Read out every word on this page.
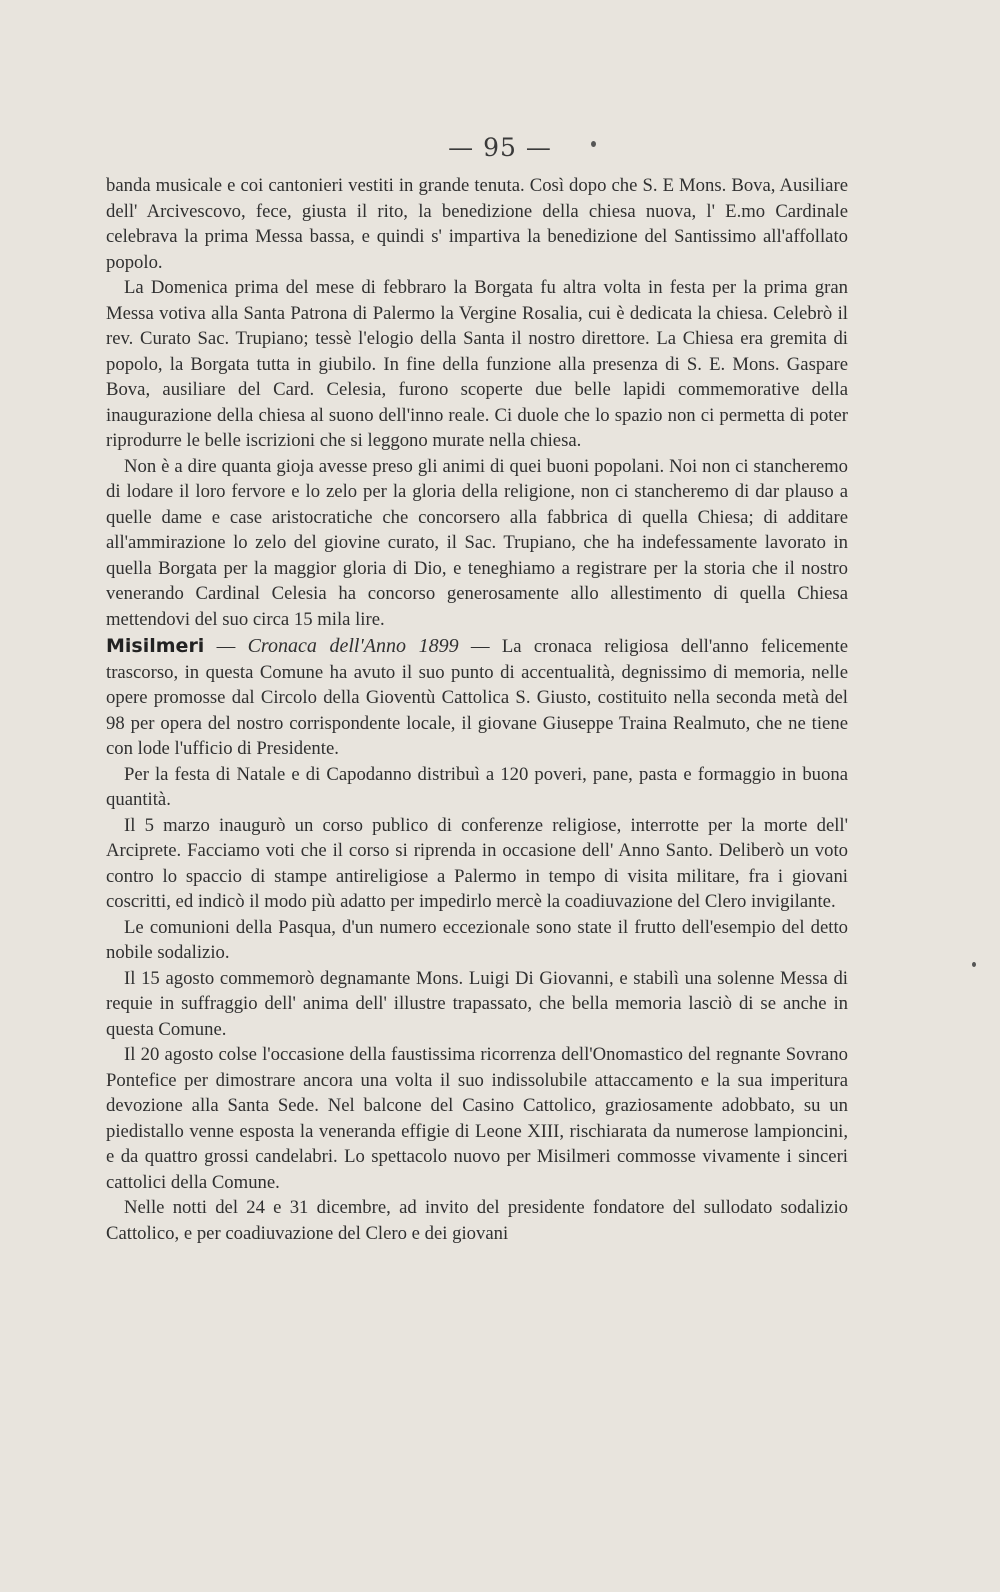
— 95 —

banda musicale e coi cantonieri vestiti in grande tenuta. Così dopo che S. E Mons. Bova, Ausiliare dell' Arcivescovo, fece, giusta il rito, la benedizione della chiesa nuova, l' E.mo Cardinale celebrava la prima Messa bassa, e quindi s' impartiva la benedizione del Santissimo all'affollato popolo.

La Domenica prima del mese di febbraro la Borgata fu altra volta in festa per la prima gran Messa votiva alla Santa Patrona di Palermo la Vergine Rosalia, cui è dedicata la chiesa. Celebrò il rev. Curato Sac. Trupiano; tessè l'elogio della Santa il nostro direttore. La Chiesa era gremita di popolo, la Borgata tutta in giubilo. In fine della funzione alla presenza di S. E. Mons. Gaspare Bova, ausiliare del Card. Celesia, furono scoperte due belle lapidi commemorative della inaugurazione della chiesa al suono dell'inno reale. Ci duole che lo spazio non ci permetta di poter riprodurre le belle iscrizioni che si leggono murate nella chiesa.

Non è a dire quanta gioja avesse preso gli animi di quei buoni popolani. Noi non ci stancheremo di lodare il loro fervore e lo zelo per la gloria della religione, non ci stancheremo di dar plauso a quelle dame e case aristocratiche che concorsero alla fabbrica di quella Chiesa; di additare all'ammirazione lo zelo del giovine curato, il Sac. Trupiano, che ha indefessamente lavorato in quella Borgata per la maggior gloria di Dio, e teneghiamo a registrare per la storia che il nostro venerando Cardinal Celesia ha concorso generosamente allo allestimento di quella Chiesa mettendovi del suo circa 15 mila lire.

Misilmeri — Cronaca dell'Anno 1899 — La cronaca religiosa dell'anno felicemente trascorso, in questa Comune ha avuto il suo punto di accentualità, degnissimo di memoria, nelle opere promosse dal Circolo della Gioventù Cattolica S. Giusto, costituito nella seconda metà del 98 per opera del nostro corrispondente locale, il giovane Giuseppe Traina Realmuto, che ne tiene con lode l'ufficio di Presidente.

Per la festa di Natale e di Capodanno distribuì a 120 poveri, pane, pasta e formaggio in buona quantità.

Il 5 marzo inaugurò un corso publico di conferenze religiose, interrotte per la morte dell' Arciprete. Facciamo voti che il corso si riprenda in occasione dell' Anno Santo. Deliberò un voto contro lo spaccio di stampe antireligiose a Palermo in tempo di visita militare, fra i giovani coscritti, ed indicò il modo più adatto per impedirlo mercè la coadiuvazione del Clero invigilante.

Le comunioni della Pasqua, d'un numero eccezionale sono state il frutto dell'esempio del detto nobile sodalizio.

Il 15 agosto commemorò degnamante Mons. Luigi Di Giovanni, e stabilì una solenne Messa di requie in suffraggio dell' anima dell' illustre trapassato, che bella memoria lasciò di se anche in questa Comune.

Il 20 agosto colse l'occasione della faustissima ricorrenza dell'Onomastico del regnante Sovrano Pontefice per dimostrare ancora una volta il suo indissolubile attaccamento e la sua imperitura devozione alla Santa Sede. Nel balcone del Casino Cattolico, graziosamente adobbato, su un piedistallo venne esposta la veneranda effigie di Leone XIII, rischiarata da numerose lampioncini, e da quattro grossi candelabri. Lo spettacolo nuovo per Misilmeri commosse vivamente i sinceri cattolici della Comune.

Nelle notti del 24 e 31 dicembre, ad invito del presidente fondatore del sullodato sodalizio Cattolico, e per coadiuvazione del Clero e dei giovani
